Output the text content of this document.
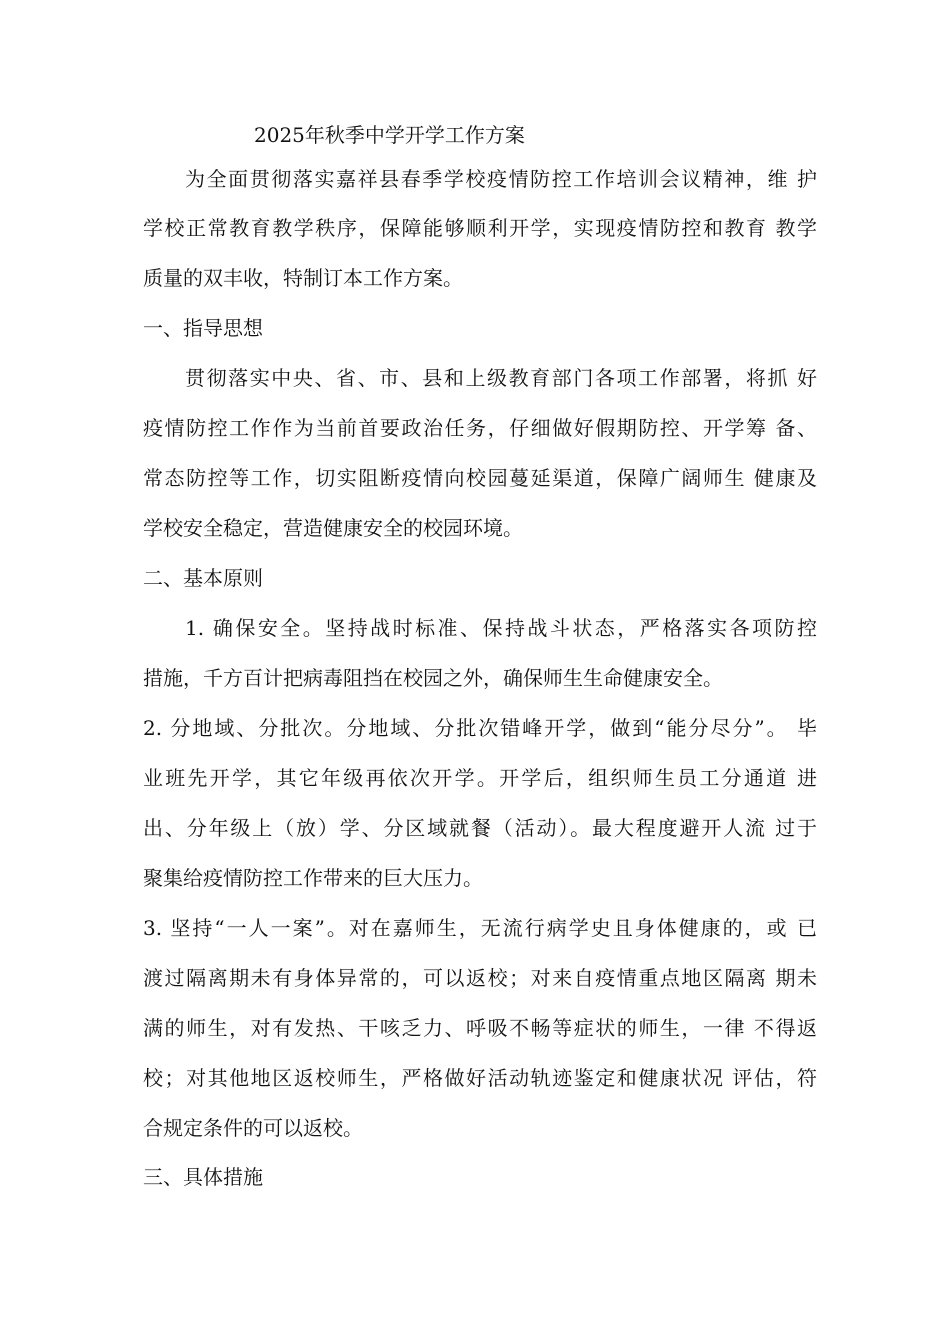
2025年秋季中学开学工作方案
为全面贯彻落实嘉祥县春季学校疫情防控工作培训会议精神，维 护
学校正常教育教学秩序，保障能够顺利开学，实现疫情防控和教育 教学
质量的双丰收，特制订本工作方案。
一、指导思想
贯彻落实中央、省、市、县和上级教育部门各项工作部署，将抓 好
疫情防控工作作为当前首要政治任务，仔细做好假期防控、开学筹 备、
常态防控等工作，切实阻断疫情向校园蔓延渠道，保障广阔师生 健康及
学校安全稳定，营造健康安全的校园环境。
二、基本原则
1. 确保安全。坚持战时标准、保持战斗状态，严格落实各项防控
措施，千方百计把病毒阻挡在校园之外，确保师生生命健康安全。
2. 分地域、分批次。分地域、分批次错峰开学，做到“能分尽分”。 毕
业班先开学，其它年级再依次开学。开学后，组织师生员工分通道 进
出、分年级上（放）学、分区域就餐（活动）。最大程度避开人流 过于
聚集给疫情防控工作带来的巨大压力。
3. 坚持“一人一案”。对在嘉师生，无流行病学史且身体健康的，或 已
渡过隔离期未有身体异常的，可以返校；对来自疫情重点地区隔离 期未
满的师生，对有发热、干咳乏力、呼吸不畅等症状的师生，一律 不得返
校；对其他地区返校师生，严格做好活动轨迹鉴定和健康状况 评估，符
合规定条件的可以返校。
三、具体措施
